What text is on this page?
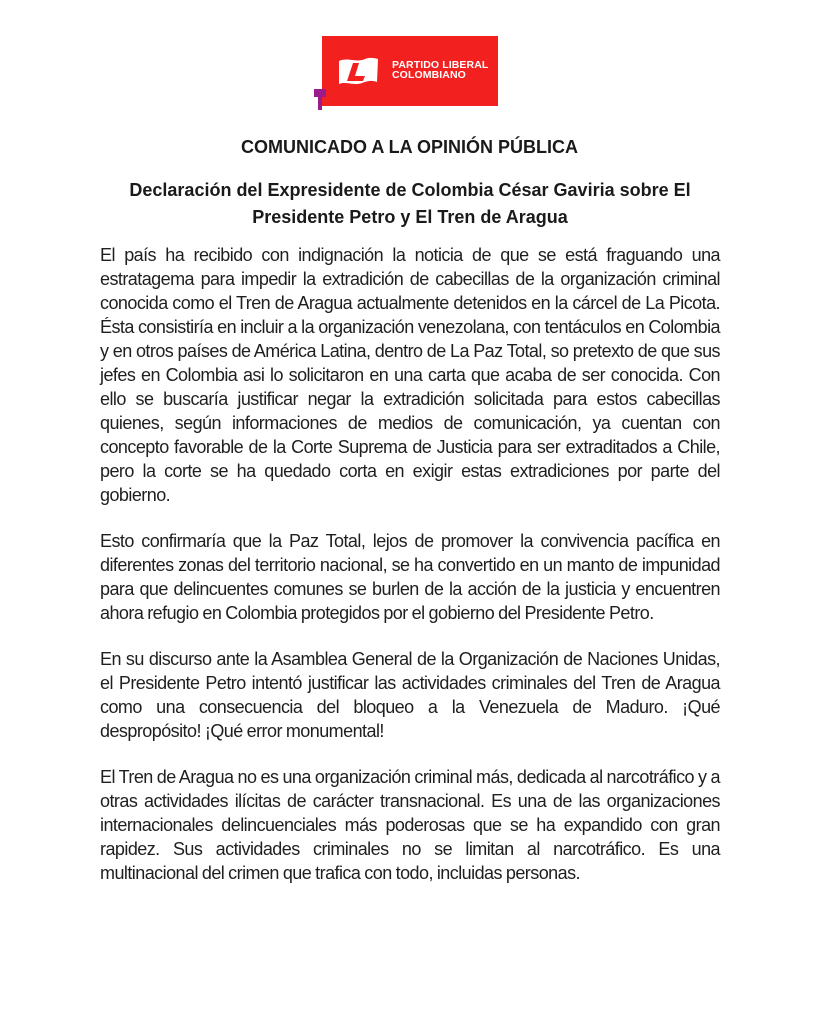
PARTIDO LIBERAL
COLOMBIANO
COMUNICADO A LA OPINIÓN PÚBLICA
Declaración del Expresidente de Colombia César Gaviria sobre El
Presidente Petro y El Tren de Aragua

El país ha recibido con indignación la noticia de que se está fraguando una estratagema para impedir la extradición de cabecillas de la organización criminal conocida como el Tren de Aragua actualmente detenidos en la cárcel de La Picota. Ésta consistiría en incluir a la organización venezolana, con tentáculos en Colombia y en otros países de América Latina, dentro de La Paz Total, so pretexto de que sus jefes en Colombia asi lo solicitaron en una carta que acaba de ser conocida. Con ello se buscaría justificar negar la extradición solicitada para estos cabecillas quienes, según informaciones de medios de comunicación, ya cuentan con concepto favorable de la Corte Suprema de Justicia para ser extraditados a Chile, pero la corte se ha quedado corta en exigir estas extradiciones por parte del gobierno.

Esto confirmaría que la Paz Total, lejos de promover la convivencia pacífica en diferentes zonas del territorio nacional, se ha convertido en un manto de impunidad para que delincuentes comunes se burlen de la acción de la justicia y encuentren ahora refugio en Colombia protegidos por el gobierno del Presidente Petro.

En su discurso ante la Asamblea General de la Organización de Naciones Unidas, el Presidente Petro intentó justificar las actividades criminales del Tren de Aragua como una consecuencia del bloqueo a la Venezuela de Maduro. ¡Qué despropósito! ¡Qué error monumental!

El Tren de Aragua no es una organización criminal más, dedicada al narcotráfico y a otras actividades ilícitas de carácter transnacional. Es una de las organizaciones internacionales delincuenciales más poderosas que se ha expandido con gran rapidez. Sus actividades criminales no se limitan al narcotráfico. Es una multinacional del crimen que trafica con todo, incluidas personas.
